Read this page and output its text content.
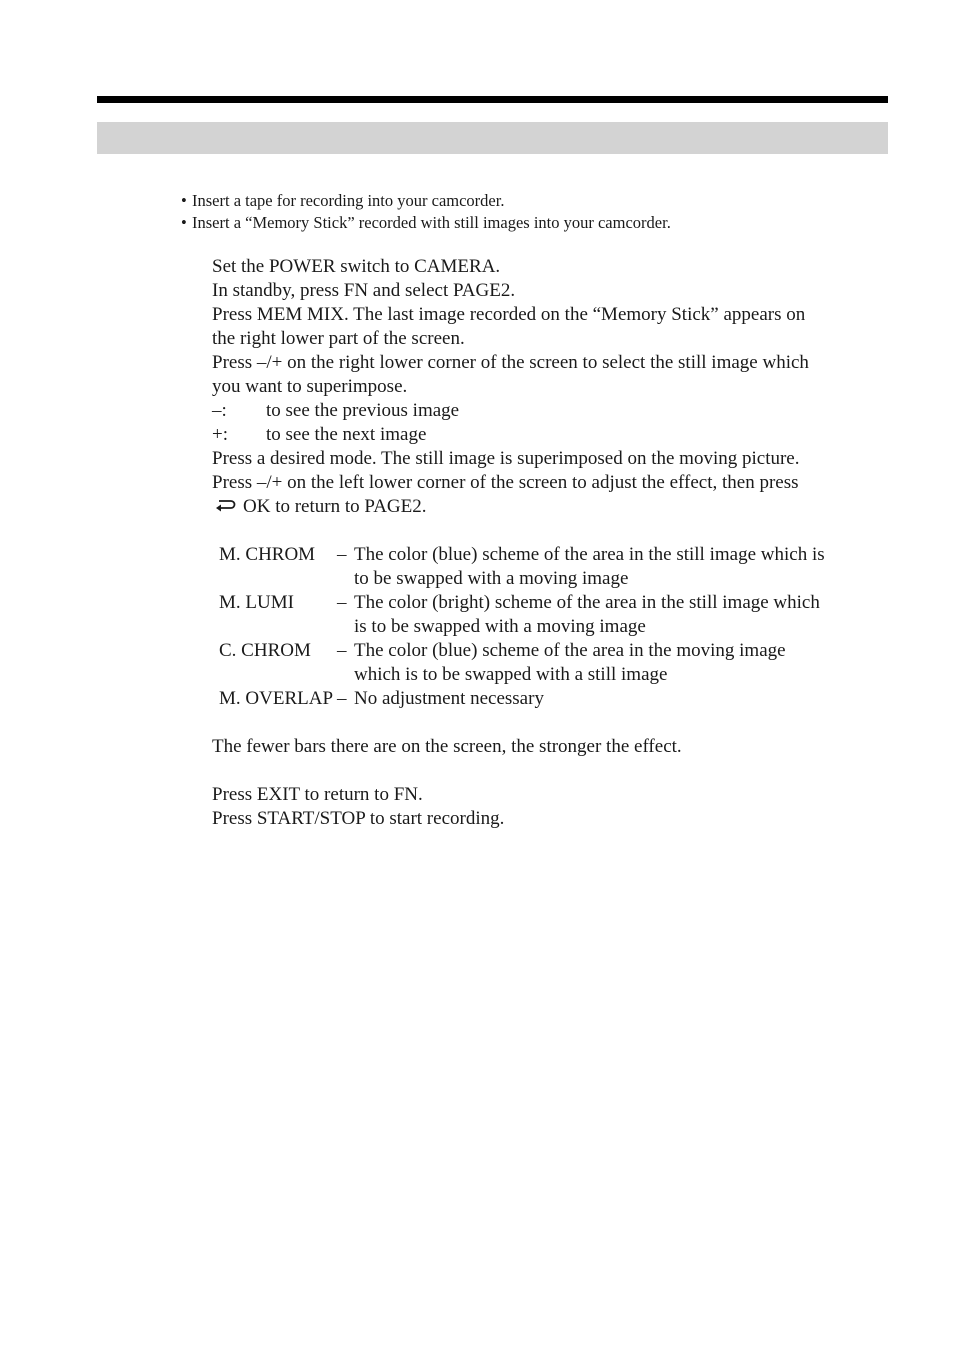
• Insert a tape for recording into your camcorder.
• Insert a “Memory Stick” recorded with still images into your camcorder.
Set the POWER switch to CAMERA.
In standby, press FN and select PAGE2.
Press MEM MIX. The last image recorded on the “Memory Stick” appears on
the right lower part of the screen.
Press –/+ on the right lower corner of the screen to select the still image which
you want to superimpose.
–:	to see the previous image
+:	to see the next image
Press a desired mode. The still image is superimposed on the moving picture.
Press –/+ on the left lower corner of the screen to adjust the effect, then press
OK to return to PAGE2.
M. CHROM	– The color (blue) scheme of the area in the still image which is
to be swapped with a moving image
M. LUMI	– The color (bright) scheme of the area in the still image which
is to be swapped with a moving image
C. CHROM	– The color (blue) scheme of the area in the moving image
which is to be swapped with a still image
M. OVERLAP – No adjustment necessary
The fewer bars there are on the screen, the stronger the effect.
Press EXIT to return to FN.
Press START/STOP to start recording.
